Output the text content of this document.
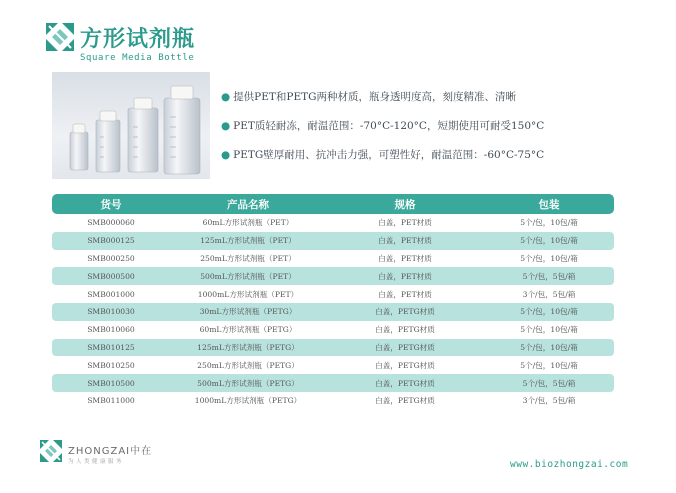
方形试剂瓶
Square Media Bottle
● 提供PET和PETG两种材质，瓶身透明度高，刻度精准、清晰
● PET质轻耐冻，耐温范围：-70°C-120°C，短期使用可耐受150°C
● PETG壁厚耐用、抗冲击力强，可塑性好，耐温范围：-60°C-75°C
货号	产品名称	规格	包装
SMB000060	60mL方形试剂瓶（PET）	白盖，PET材质	5个/包，10包/箱
SMB000125	125mL方形试剂瓶（PET）	白盖，PET材质	5个/包，10包/箱
SMB000250	250mL方形试剂瓶（PET）	白盖，PET材质	5个/包，10包/箱
SMB000500	500mL方形试剂瓶（PET）	白盖，PET材质	5个/包，5包/箱
SMB001000	1000mL方形试剂瓶（PET）	白盖，PET材质	3个/包，5包/箱
SMB010030	30mL方形试剂瓶（PETG）	白盖，PETG材质	5个/包，10包/箱
SMB010060	60mL方形试剂瓶（PETG）	白盖，PETG材质	5个/包，10包/箱
SMB010125	125mL方形试剂瓶（PETG）	白盖，PETG材质	5个/包，10包/箱
SMB010250	250mL方形试剂瓶（PETG）	白盖，PETG材质	5个/包，10包/箱
SMB010500	500mL方形试剂瓶（PETG）	白盖，PETG材质	5个/包，5包/箱
SMB011000	1000mL方形试剂瓶（PETG）	白盖，PETG材质	3个/包，5包/箱
ZHONGZAI中在
为人类健康服务	www.biozhongzai.com
